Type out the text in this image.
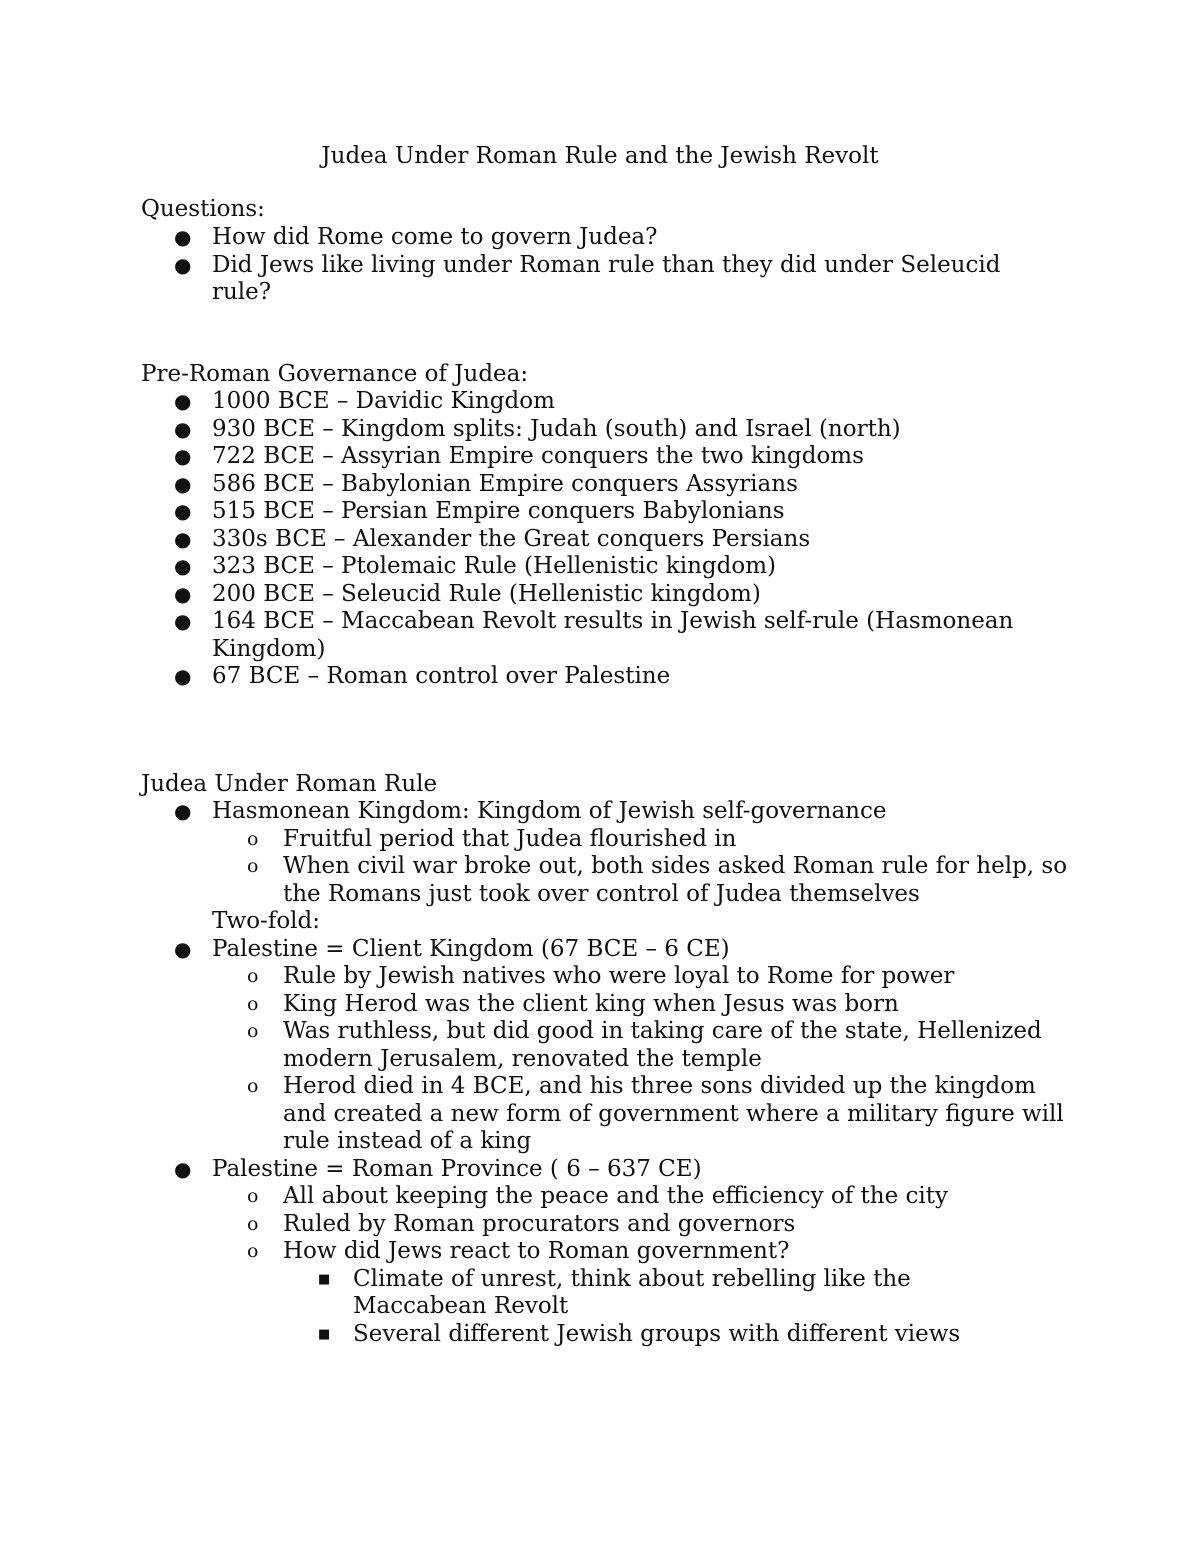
Judea Under Roman Rule and the Jewish Revolt
Questions:
● How did Rome come to govern Judea?
● Did Jews like living under Roman rule than they did under Seleucid rule?
Pre-Roman Governance of Judea:
● 1000 BCE – Davidic Kingdom
● 930 BCE – Kingdom splits: Judah (south) and Israel (north)
● 722 BCE – Assyrian Empire conquers the two kingdoms
● 586 BCE – Babylonian Empire conquers Assyrians
● 515 BCE – Persian Empire conquers Babylonians
● 330s BCE – Alexander the Great conquers Persians
● 323 BCE – Ptolemaic Rule (Hellenistic kingdom)
● 200 BCE – Seleucid Rule (Hellenistic kingdom)
● 164 BCE – Maccabean Revolt results in Jewish self-rule (Hasmonean Kingdom)
● 67 BCE – Roman control over Palestine
Judea Under Roman Rule
● Hasmonean Kingdom: Kingdom of Jewish self-governance
o Fruitful period that Judea flourished in
o When civil war broke out, both sides asked Roman rule for help, so the Romans just took over control of Judea themselves
Two-fold:
● Palestine = Client Kingdom (67 BCE – 6 CE)
o Rule by Jewish natives who were loyal to Rome for power
o King Herod was the client king when Jesus was born
o Was ruthless, but did good in taking care of the state, Hellenized modern Jerusalem, renovated the temple
o Herod died in 4 BCE, and his three sons divided up the kingdom and created a new form of government where a military figure will rule instead of a king
● Palestine = Roman Province ( 6 – 637 CE)
o All about keeping the peace and the efficiency of the city
o Ruled by Roman procurators and governors
o How did Jews react to Roman government?
■ Climate of unrest, think about rebelling like the Maccabean Revolt
■ Several different Jewish groups with different views
